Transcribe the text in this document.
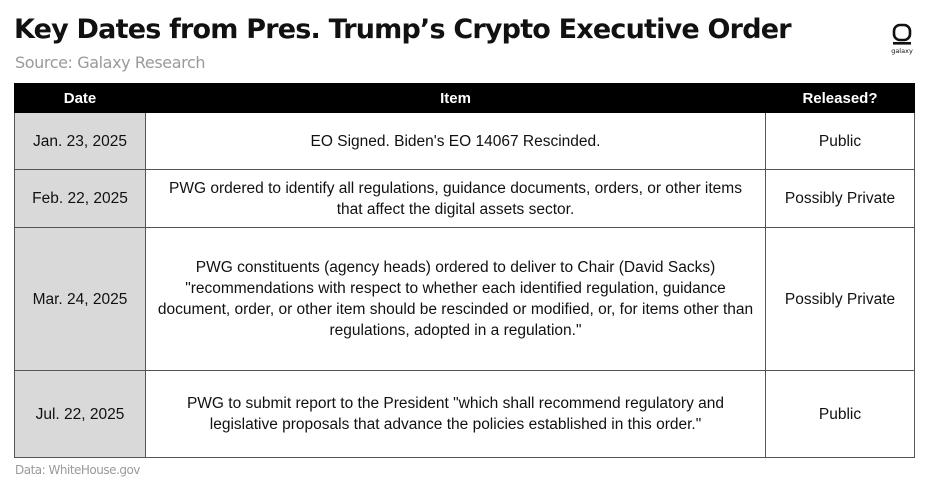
Key Dates from Pres. Trump’s Crypto Executive Order
Source: Galaxy Research
galaxy
Date	Item	Released?
Jan. 23, 2025	EO Signed. Biden's EO 14067 Rescinded.	Public
Feb. 22, 2025	PWG ordered to identify all regulations, guidance documents, orders, or other items that affect the digital assets sector.	Possibly Private
Mar. 24, 2025	PWG constituents (agency heads) ordered to deliver to Chair (David Sacks) "recommendations with respect to whether each identified regulation, guidance document, order, or other item should be rescinded or modified, or, for items other than regulations, adopted in a regulation."	Possibly Private
Jul. 22, 2025	PWG to submit report to the President "which shall recommend regulatory and legislative proposals that advance the policies established in this order."	Public
Data: WhiteHouse.gov
